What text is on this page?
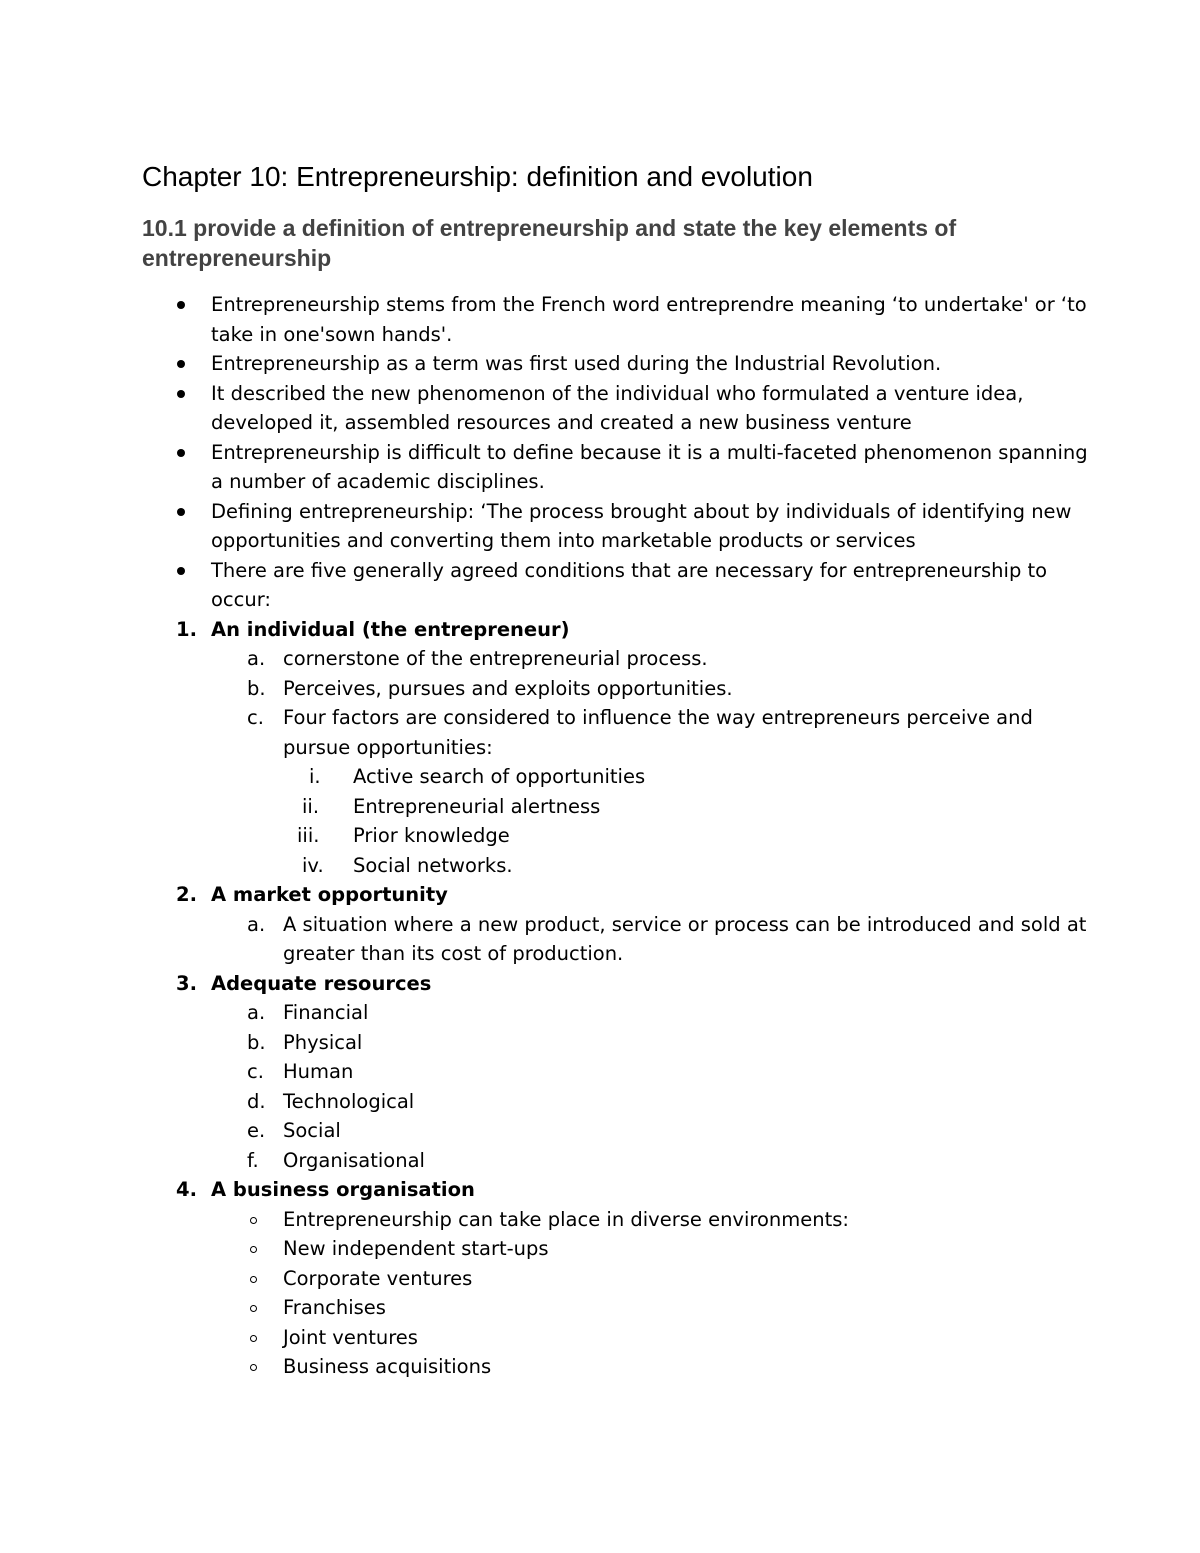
Chapter 10: Entrepreneurship: definition and evolution
10.1 provide a definition of entrepreneurship and state the key elements of entrepreneurship
Entrepreneurship stems from the French word entreprendre meaning ‘to undertake' or ‘to
take in one'sown hands'.
Entrepreneurship as a term was first used during the Industrial Revolution.
It described the new phenomenon of the individual who formulated a venture idea,
developed it, assembled resources and created a new business venture
Entrepreneurship is difficult to define because it is a multi-faceted phenomenon spanning
a number of academic disciplines.
Defining entrepreneurship: ‘The process brought about by individuals of identifying new
opportunities and converting them into marketable products or services
There are five generally agreed conditions that are necessary for entrepreneurship to
occur:
1. An individual (the entrepreneur)
a. cornerstone of the entrepreneurial process.
b. Perceives, pursues and exploits opportunities.
c. Four factors are considered to influence the way entrepreneurs perceive and
pursue opportunities:
i. Active search of opportunities
ii. Entrepreneurial alertness
iii. Prior knowledge
iv. Social networks.
2. A market opportunity
a. A situation where a new product, service or process can be introduced and sold at
greater than its cost of production.
3. Adequate resources
a. Financial
b. Physical
c. Human
d. Technological
e. Social
f. Organisational
4. A business organisation
Entrepreneurship can take place in diverse environments:
New independent start-ups
Corporate ventures
Franchises
Joint ventures
Business acquisitions
